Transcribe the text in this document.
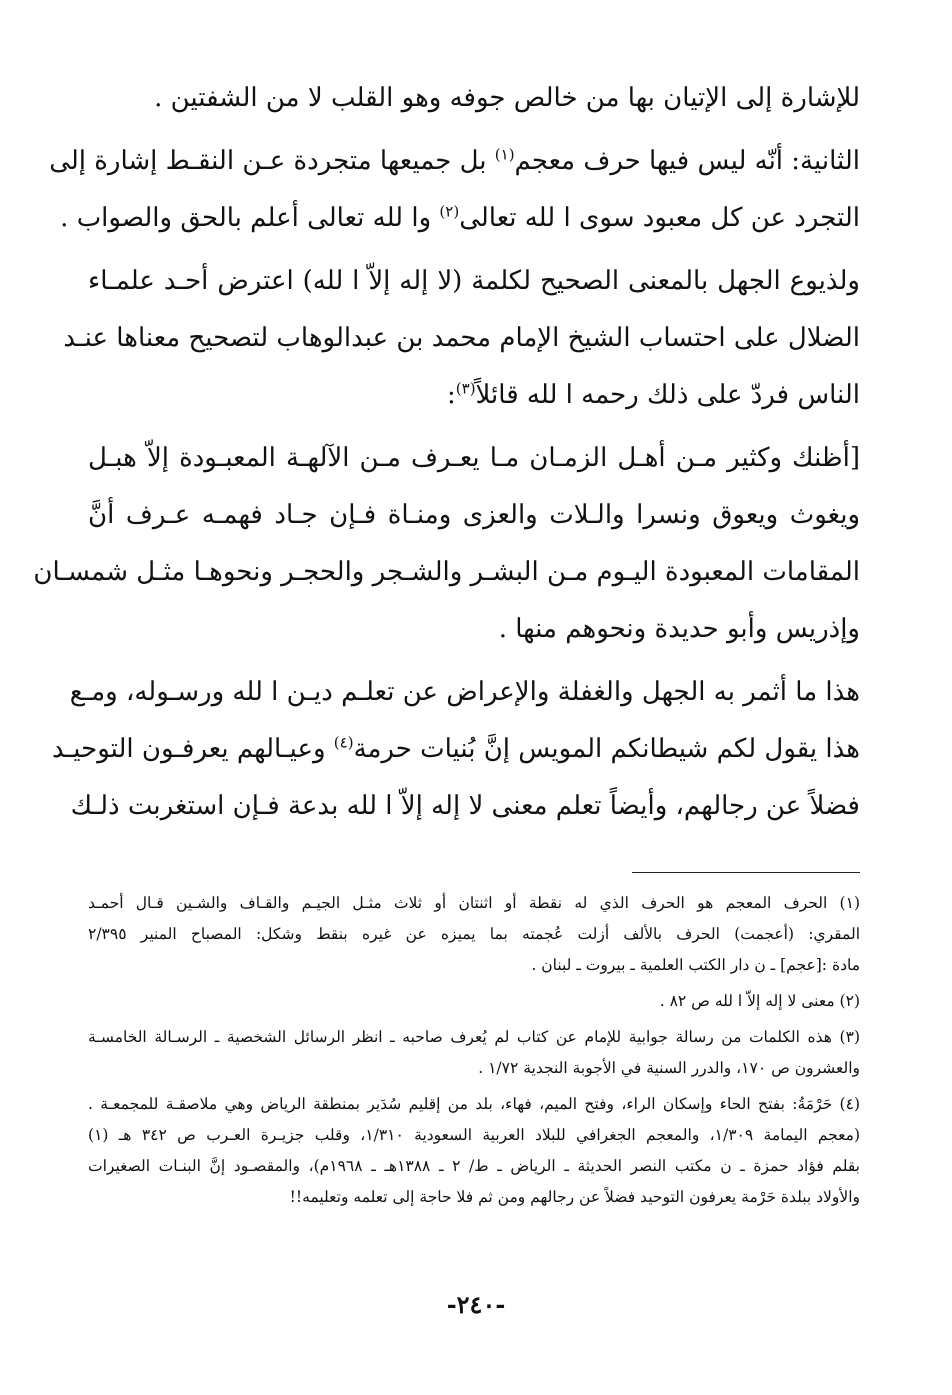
للإشارة إلى الإتيان بها من خالص جوفه وهو القلب لا من الشفتين .
الثانية: أنّه ليس فيها حرف معجم$^{(١)}$ بل جميعها متجردة عـن النقـط إشارة إلى
التجرد عن كل معبود سوى ا لله تعالى$^{(٢)}$ وا لله تعالى أعلم بالحق والصواب .
ولذيوع الجهل بالمعنى الصحيح لكلمة (لا إله إلاّ ا لله) اعترض أحـد علمـاء
الضلال على احتساب الشيخ الإمام محمد بن عبدالوهاب لتصحيح معناها عنـد
الناس فردّ على ذلك رحمه ا لله قائلاً$^{(٣)}$:
[أظنك وكثير مـن أهـل الزمـان مـا يعـرف مـن الآلهـة المعبـودة إلاّ هبـل
ويغوث ويعوق ونسرا والـلات والعزى ومنـاة فـإن جـاد فهمـه عـرف أنَّ
المقامات المعبودة اليـوم مـن البشـر والشـجر والحجـر ونحوهـا مثـل شمسـان
وإذريس وأبو حديدة ونحوهم منها .
هذا ما أثمر به الجهل والغفلة والإعراض عن تعلـم ديـن ا لله ورسـوله، ومـع
هذا يقول لكم شيطانكم المويس إنَّ بُنيات حرمة$^{(٤)}$ وعيـالهم يعرفـون التوحيـد
فضلاً عن رجالهم، وأيضاً تعلم معنى لا إله إلاّ ا لله بدعة فـإن استغربت ذلـك
(١) الحرف المعجم هو الحرف الذي له نقطة أو اثنتان أو ثلاث مثـل الجيـم والقـاف والشـين قـال أحمـد
المقري: (أعجمت) الحرف بالألف أزلت عُجمته بما يميزه عن غيره بنقط وشكل: المصباح المنير ٢/٣٩٥
مادة :[عجم] ـ ن دار الكتب العلمية ـ بيروت ـ لبنان .
(٢) معنى لا إله إلاّ ا لله ص ٨٢ .
(٣) هذه الكلمات من رسالة جوابية للإمام عن كتاب لم يُعرف صاحبه ـ انظر الرسائل الشخصية ـ الرسـالة الخامسـة
والعشرون ص ١٧٠، والدرر السنية في الأجوبة النجدية ١/٧٢ .
(٤) حَرْمَةُ: بفتح الحاء وإسكان الراء، وفتح الميم، فهاء، بلد من إقليم سُدَير بمنطقة الرياض وهي ملاصقـة للمجمعـة .
(معجم اليمامة ١/٣٠٩، والمعجم الجغرافي للبلاد العربية السعودية ١/٣١٠، وقلب جزيـرة العـرب ص ٣٤٢ هـ (١)
بقلم فؤاد حمزة ـ ن مكتب النصر الحديثة ـ الرياض ـ ط/ ٢ ـ ١٣٨٨هـ ـ ١٩٦٨م)، والمقصـود إنَّ البنـات الصغيرات
والأولاد ببلدة حَرْمة يعرفون التوحيد فضلاً عن رجالهم ومن ثم فلا حاجة إلى تعلمه وتعليمه!!
-٢٤٠-
